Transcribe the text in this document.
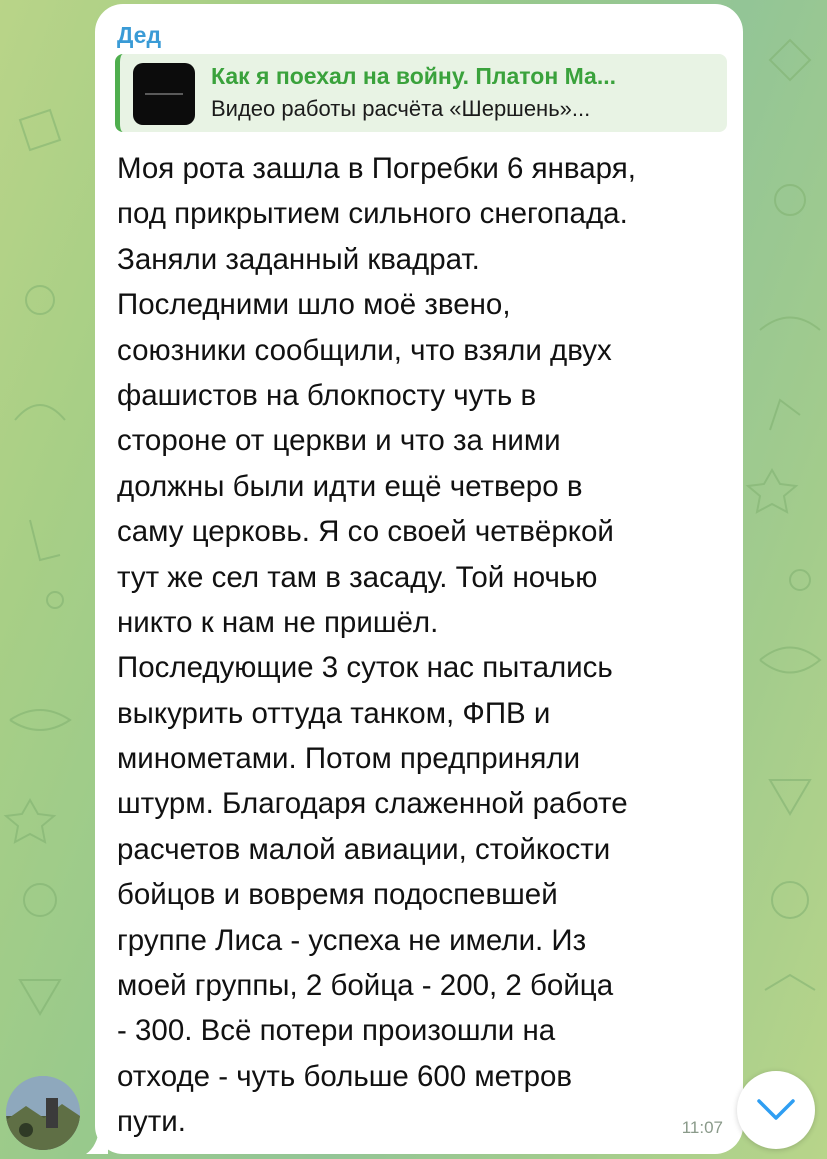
Дед
Как я поехал на войну. Платон Ма...
Видео работы расчёта «Шершень»...
Моя рота зашла в Погребки 6 января,
под прикрытием сильного снегопада.
Заняли заданный квадрат.
Последними шло моё звено,
союзники сообщили, что взяли двух
фашистов на блокпосту чуть в
стороне от церкви и что за ними
должны были идти ещё четверо в
саму церковь. Я со своей четвёркой
тут же сел там в засаду. Той ночью
никто к нам не пришёл.
Последующие 3 суток нас пытались
выкурить оттуда танком, ФПВ и
минометами. Потом предприняли
штурм. Благодаря слаженной работе
расчетов малой авиации, стойкости
бойцов и вовремя подоспевшей
группе Лиса - успеха не имели. Из
моей группы, 2 бойца - 200, 2 бойца
- 300. Всё потери произошли на
отходе - чуть больше 600 метров
пути.	11:07
